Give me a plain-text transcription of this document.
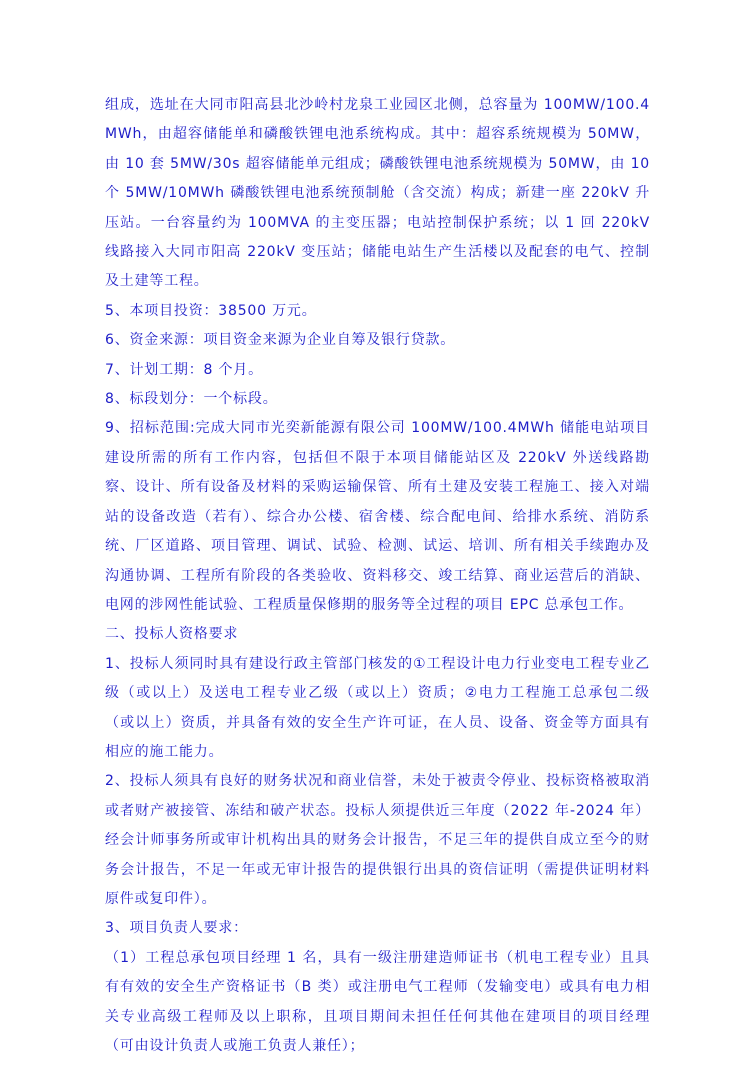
组成，选址在大同市阳高县北沙岭村龙泉工业园区北侧，总容量为 100MW/100.4MWh，由超容储能单和磷酸铁锂电池系统构成。其中：超容系统规模为 50MW，由 10 套 5MW/30s 超容储能单元组成；磷酸铁锂电池系统规模为 50MW，由 10 个 5MW/10MWh 磷酸铁锂电池系统预制舱（含交流）构成；新建一座 220kV 升压站。一台容量约为 100MVA 的主变压器；电站控制保护系统；以 1 回 220kV 线路接入大同市阳高 220kV 变压站；储能电站生产生活楼以及配套的电气、控制及土建等工程。

5、本项目投资：38500 万元。

6、资金来源：项目资金来源为企业自筹及银行贷款。

7、计划工期：8 个月。

8、标段划分：一个标段。

9、招标范围:完成大同市光奕新能源有限公司 100MW/100.4MWh 储能电站项目建设所需的所有工作内容，包括但不限于本项目储能站区及 220kV 外送线路勘察、设计、所有设备及材料的采购运输保管、所有土建及安装工程施工、接入对端站的设备改造（若有）、综合办公楼、宿舍楼、综合配电间、给排水系统、消防系统、厂区道路、项目管理、调试、试验、检测、试运、培训、所有相关手续跑办及沟通协调、工程所有阶段的各类验收、资料移交、竣工结算、商业运营后的消缺、电网的涉网性能试验、工程质量保修期的服务等全过程的项目 EPC 总承包工作。

二、投标人资格要求

1、投标人须同时具有建设行政主管部门核发的①工程设计电力行业变电工程专业乙级（或以上）及送电工程专业乙级（或以上）资质；②电力工程施工总承包二级（或以上）资质，并具备有效的安全生产许可证，在人员、设备、资金等方面具有相应的施工能力。

2、投标人须具有良好的财务状况和商业信誉，未处于被责令停业、投标资格被取消或者财产被接管、冻结和破产状态。投标人须提供近三年度（2022 年-2024 年）经会计师事务所或审计机构出具的财务会计报告，不足三年的提供自成立至今的财务会计报告，不足一年或无审计报告的提供银行出具的资信证明（需提供证明材料原件或复印件）。

3、项目负责人要求：

（1）工程总承包项目经理 1 名，具有一级注册建造师证书（机电工程专业）且具有有效的安全生产资格证书（B 类）或注册电气工程师（发输变电）或具有电力相关专业高级工程师及以上职称，且项目期间未担任任何其他在建项目的项目经理（可由设计负责人或施工负责人兼任）；
